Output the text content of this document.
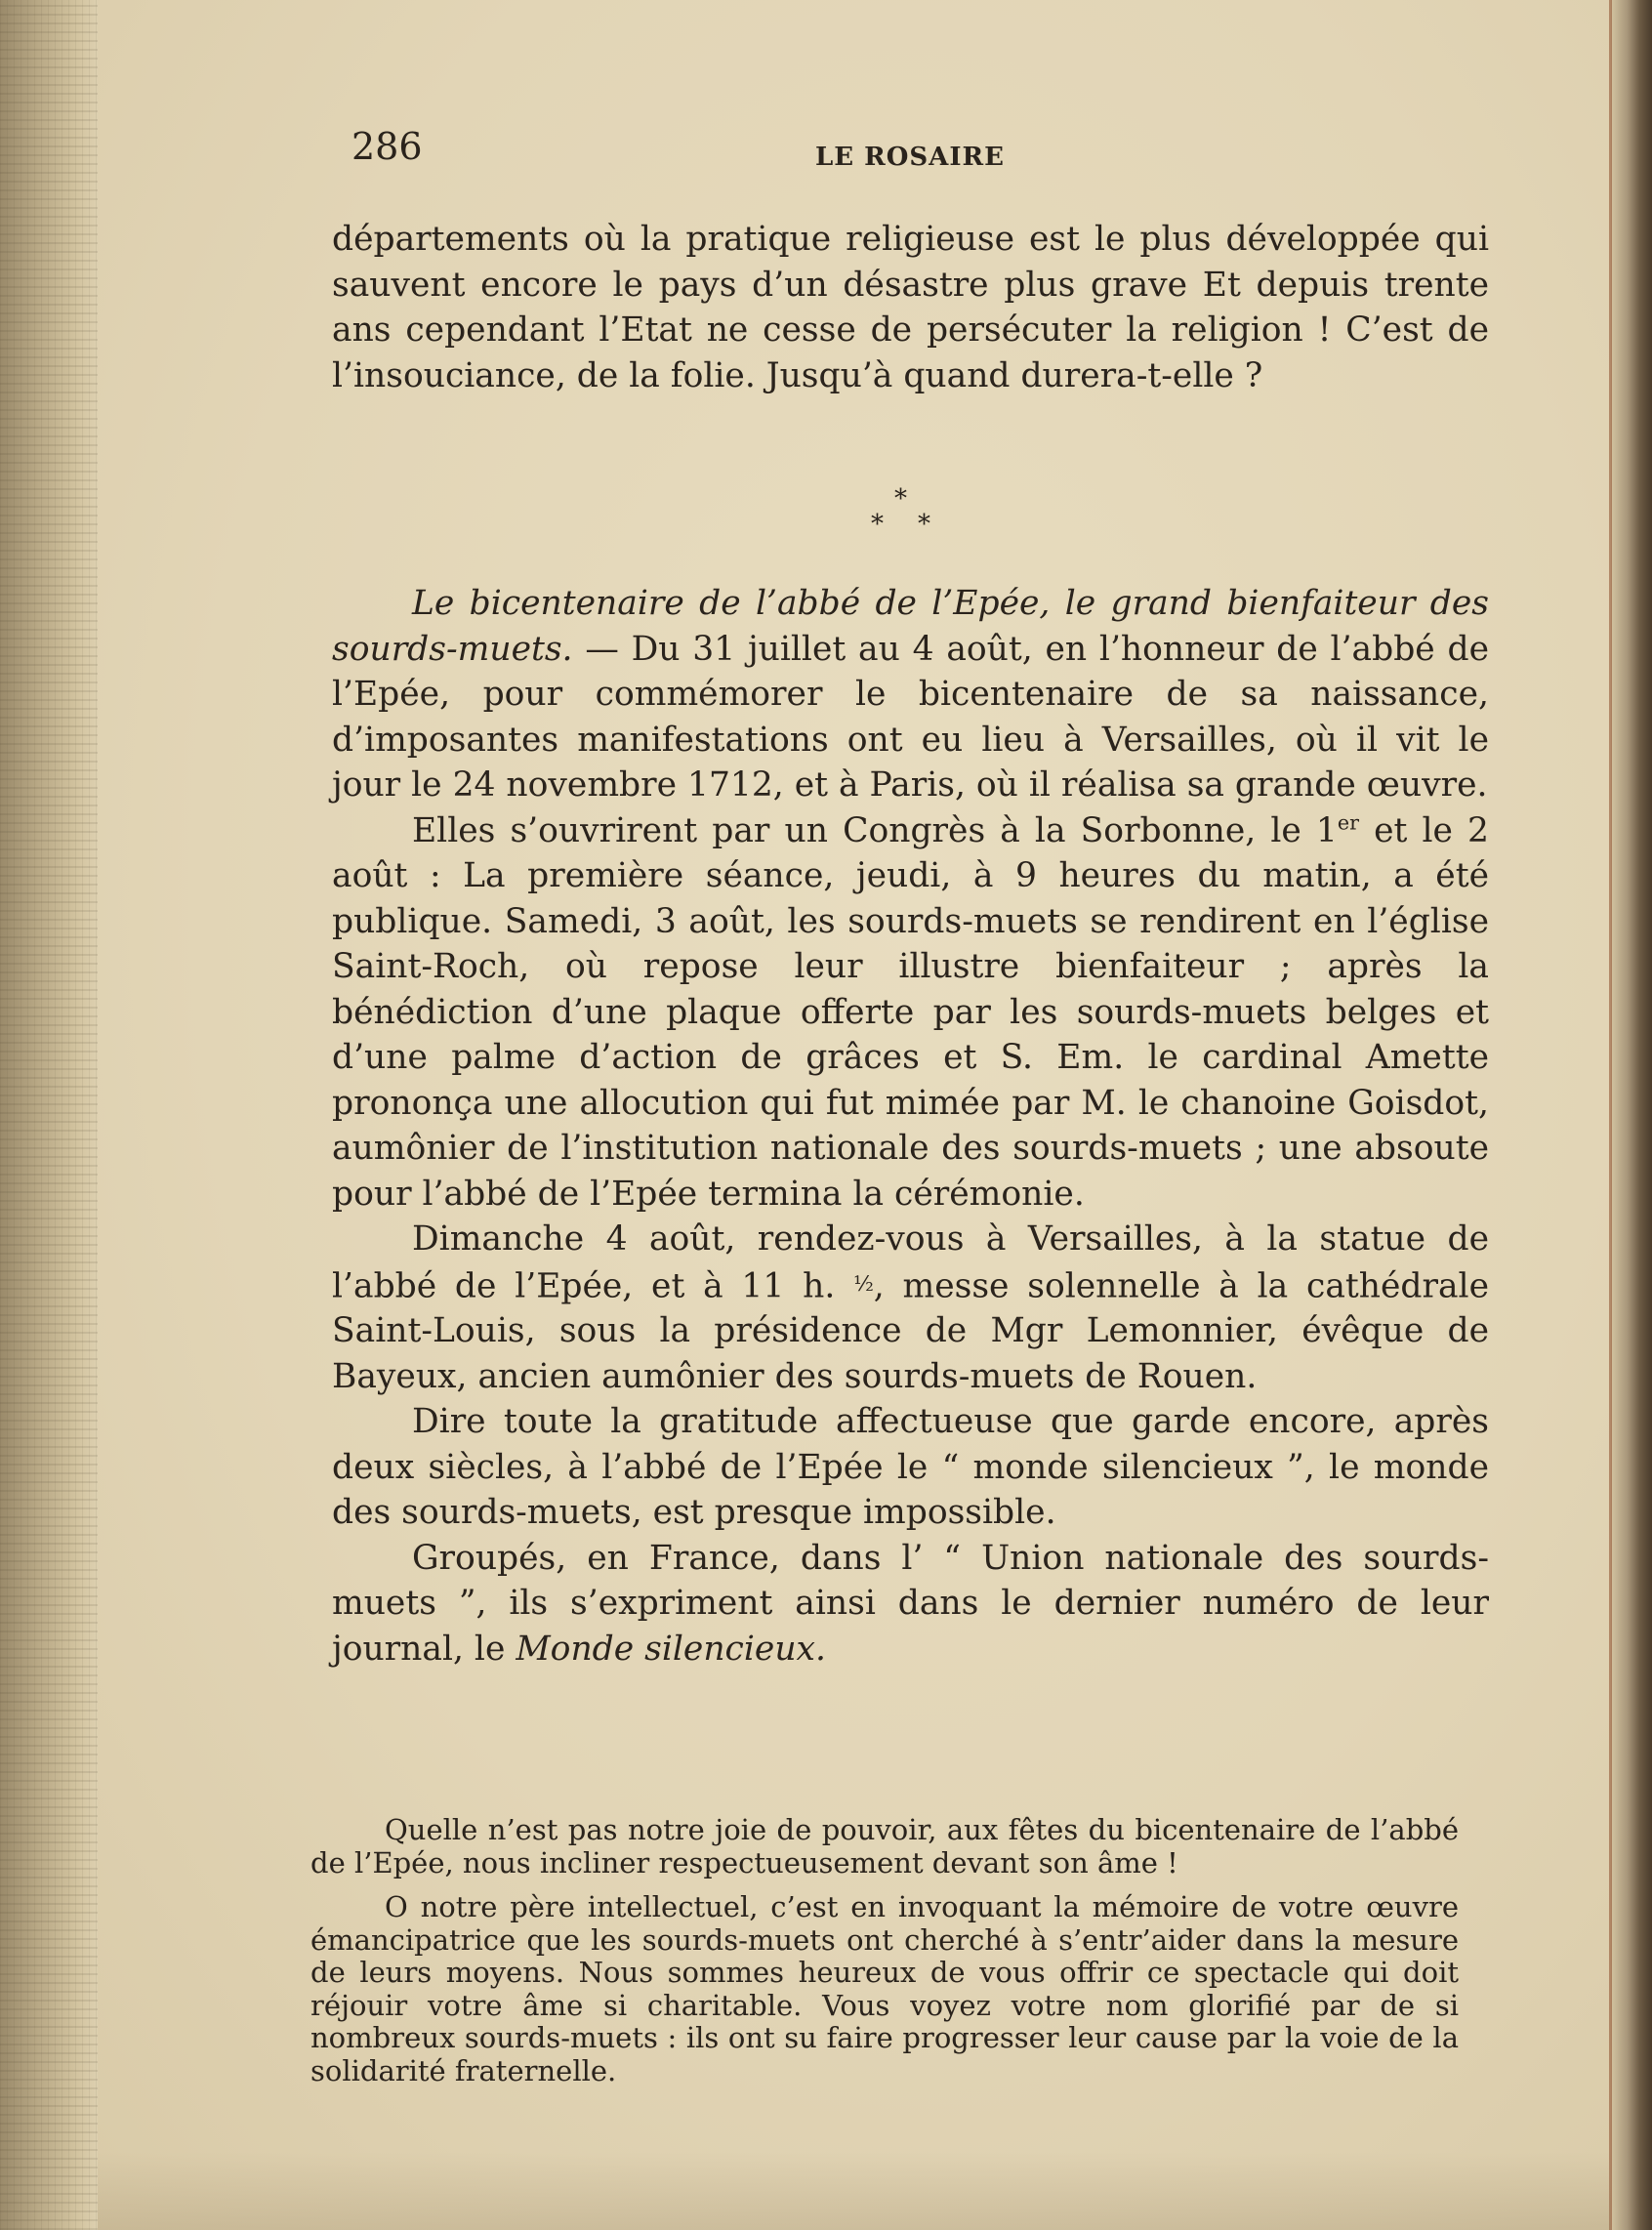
286	LE ROSAIRE

départements où la pratique religieuse est le plus développée qui sauvent encore le pays d’un désastre plus grave Et depuis trente ans cependant l’Etat ne cesse de persécuter la religion ! C’est de l’insouciance, de la folie. Jusqu’à quand durera-t-elle ?

*
* *

Le bicentenaire de l’abbé de l’Epée, le grand bienfaiteur des sourds-muets. — Du 31 juillet au 4 août, en l’honneur de l’abbé de l’Epée, pour commémorer le bicentenaire de sa naissance, d’imposantes manifestations ont eu lieu à Versailles, où il vit le jour le 24 novembre 1712, et à Paris, où il réalisa sa grande œuvre.

Elles s’ouvrirent par un Congrès à la Sorbonne, le 1er et le 2 août : La première séance, jeudi, à 9 heures du matin, a été publique. Samedi, 3 août, les sourds-muets se rendirent en l’église Saint-Roch, où repose leur illustre bienfaiteur ; après la bénédiction d’une plaque offerte par les sourds-muets belges et d’une palme d’action de grâces et S. Em. le cardinal Amette prononça une allocution qui fut mimée par M. le chanoine Goisdot, aumônier de l’institution nationale des sourds-muets ; une absoute pour l’abbé de l’Epée termina la cérémonie.

Dimanche 4 août, rendez-vous à Versailles, à la statue de l’abbé de l’Epée, et à 11 h. ½, messe solennelle à la cathédrale Saint-Louis, sous la présidence de Mgr Lemonnier, évêque de Bayeux, ancien aumônier des sourds-muets de Rouen.

Dire toute la gratitude affectueuse que garde encore, après deux siècles, à l’abbé de l’Epée le “ monde silencieux ”, le monde des sourds-muets, est presque impossible.

Groupés, en France, dans l’ “ Union nationale des sourds-muets ”, ils s’expriment ainsi dans le dernier numéro de leur journal, le Monde silencieux.

Quelle n’est pas notre joie de pouvoir, aux fêtes du bicentenaire de l’abbé de l’Epée, nous incliner respectueusement devant son âme !

O notre père intellectuel, c’est en invoquant la mémoire de votre œuvre émancipatrice que les sourds-muets ont cherché à s’entr’aider dans la mesure de leurs moyens. Nous sommes heureux de vous offrir ce spectacle qui doit réjouir votre âme si charitable. Vous voyez votre nom glorifié par de si nombreux sourds-muets : ils ont su faire progresser leur cause par la voie de la solidarité fraternelle.
